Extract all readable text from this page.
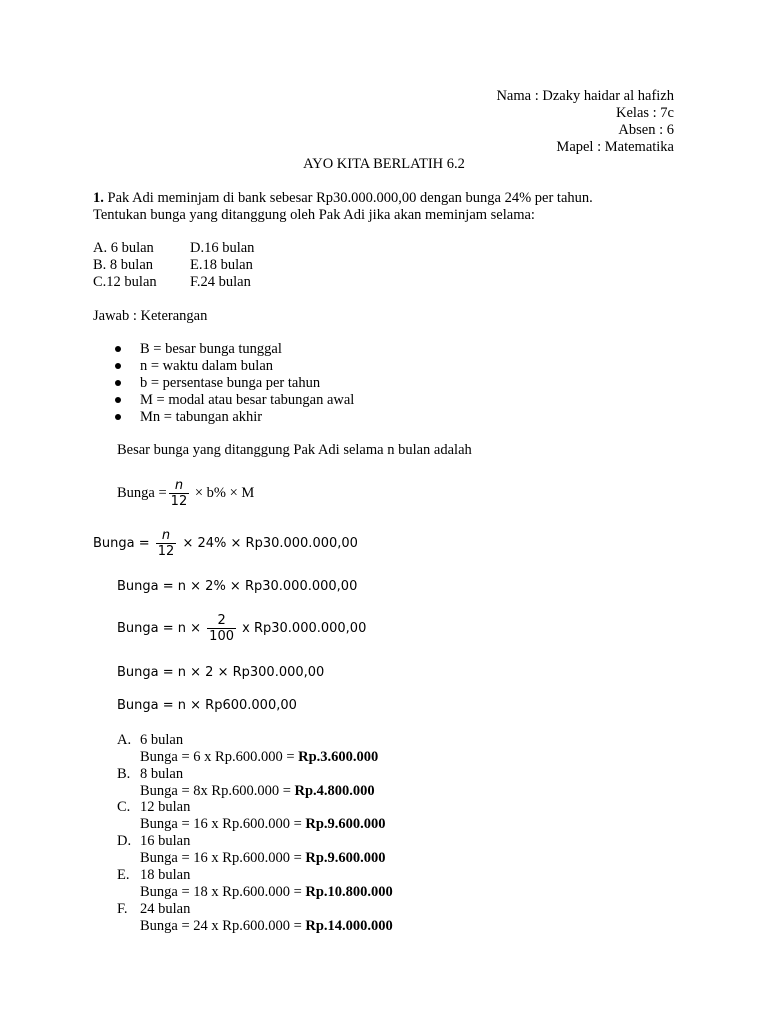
Nama : Dzaky haidar al hafizh
Kelas : 7c
Absen : 6
Mapel : Matematika
AYO KITA BERLATIH 6.2
1. Pak Adi meminjam di bank sebesar Rp30.000.000,00 dengan bunga 24% per tahun.
Tentukan bunga yang ditanggung oleh Pak Adi jika akan meminjam selama:
A. 6 bulan D.16 bulan
B. 8 bulan	E.18 bulan
C.12 bulan F.24 bulan
Jawab : Keterangan
B = besar bunga tunggal
n = waktu dalam bulan
b = persentase bunga per tahun
M = modal atau besar tabungan awal
Mn = tabungan akhir
Besar bunga yang ditanggung Pak Adi selama n bulan adalah
Bunga = $\frac{n}{12} \times b\% \times M$
Bunga = $\frac{n}{12} \times 24\% \times Rp30.000.000,00$
Bunga = n × 2% × Rp30.000.000,00
Bunga = $n \times \frac{2}{100}$ x Rp30.000.000,00
Bunga = n × 2 × Rp300.000,00
Bunga = n × Rp600.000,00
A. 6 bulan
Bunga = 6 x Rp.600.000 = Rp.3.600.000
B. 8 bulan
Bunga = 8x Rp.600.000 = Rp.4.800.000
C. 12 bulan
Bunga = 16 x Rp.600.000 = Rp.9.600.000
D. 16 bulan
Bunga = 16 x Rp.600.000 = Rp.9.600.000
E. 18 bulan
Bunga = 18 x Rp.600.000 = Rp.10.800.000
F. 24 bulan
Bunga = 24 x Rp.600.000 = Rp.14.000.000
